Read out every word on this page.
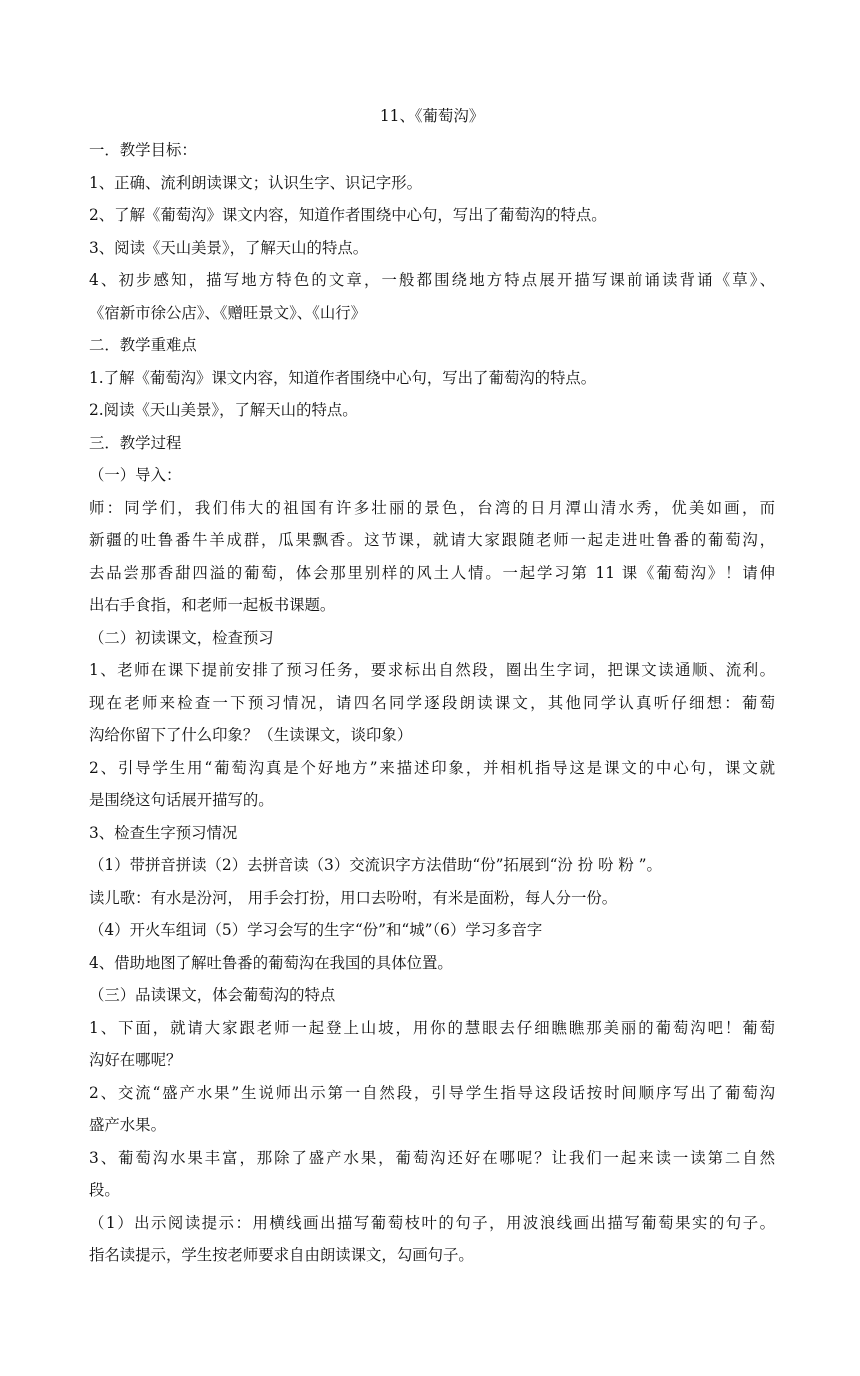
11、《葡萄沟》
一．教学目标：
1、正确、流利朗读课文；认识生字、识记字形。
2、了解《葡萄沟》课文内容，知道作者围绕中心句，写出了葡萄沟的特点。
3、阅读《天山美景》，了解天山的特点。
4、初步感知，描写地方特色的文章，一般都围绕地方特点展开描写课前诵读背诵《草》、
《宿新市徐公店》、《赠旺景文》、《山行》
二．教学重难点
1.了解《葡萄沟》课文内容，知道作者围绕中心句，写出了葡萄沟的特点。
2.阅读《天山美景》，了解天山的特点。
三．教学过程
（一）导入：
师：同学们，我们伟大的祖国有许多壮丽的景色，台湾的日月潭山清水秀，优美如画，而
新疆的吐鲁番牛羊成群，瓜果飘香。这节课，就请大家跟随老师一起走进吐鲁番的葡萄沟，
去品尝那香甜四溢的葡萄，体会那里别样的风土人情。一起学习第 11 课《葡萄沟》！请伸
出右手食指，和老师一起板书课题。
（二）初读课文，检查预习
1、老师在课下提前安排了预习任务，要求标出自然段，圈出生字词，把课文读通顺、流利。
现在老师来检查一下预习情况，请四名同学逐段朗读课文，其他同学认真听仔细想：葡萄
沟给你留下了什么印象？（生读课文，谈印象）
2、引导学生用“葡萄沟真是个好地方”来描述印象，并相机指导这是课文的中心句，课文就
是围绕这句话展开描写的。
3、检查生字预习情况
（1）带拼音拼读（2）去拼音读（3）交流识字方法借助“份”拓展到“汾 扮 吩 粉 ”。
读儿歌：有水是汾河， 用手会打扮，用口去吩咐，有米是面粉，每人分一份。
（4）开火车组词（5）学习会写的生字“份”和“城”（6）学习多音字
4、借助地图了解吐鲁番的葡萄沟在我国的具体位置。
（三）品读课文，体会葡萄沟的特点
1、下面，就请大家跟老师一起登上山坡，用你的慧眼去仔细瞧瞧那美丽的葡萄沟吧！葡萄
沟好在哪呢？
2、交流“盛产水果”生说师出示第一自然段，引导学生指导这段话按时间顺序写出了葡萄沟
盛产水果。
3、葡萄沟水果丰富，那除了盛产水果，葡萄沟还好在哪呢？让我们一起来读一读第二自然
段。
（1）出示阅读提示：用横线画出描写葡萄枝叶的句子，用波浪线画出描写葡萄果实的句子。
指名读提示，学生按老师要求自由朗读课文，勾画句子。
